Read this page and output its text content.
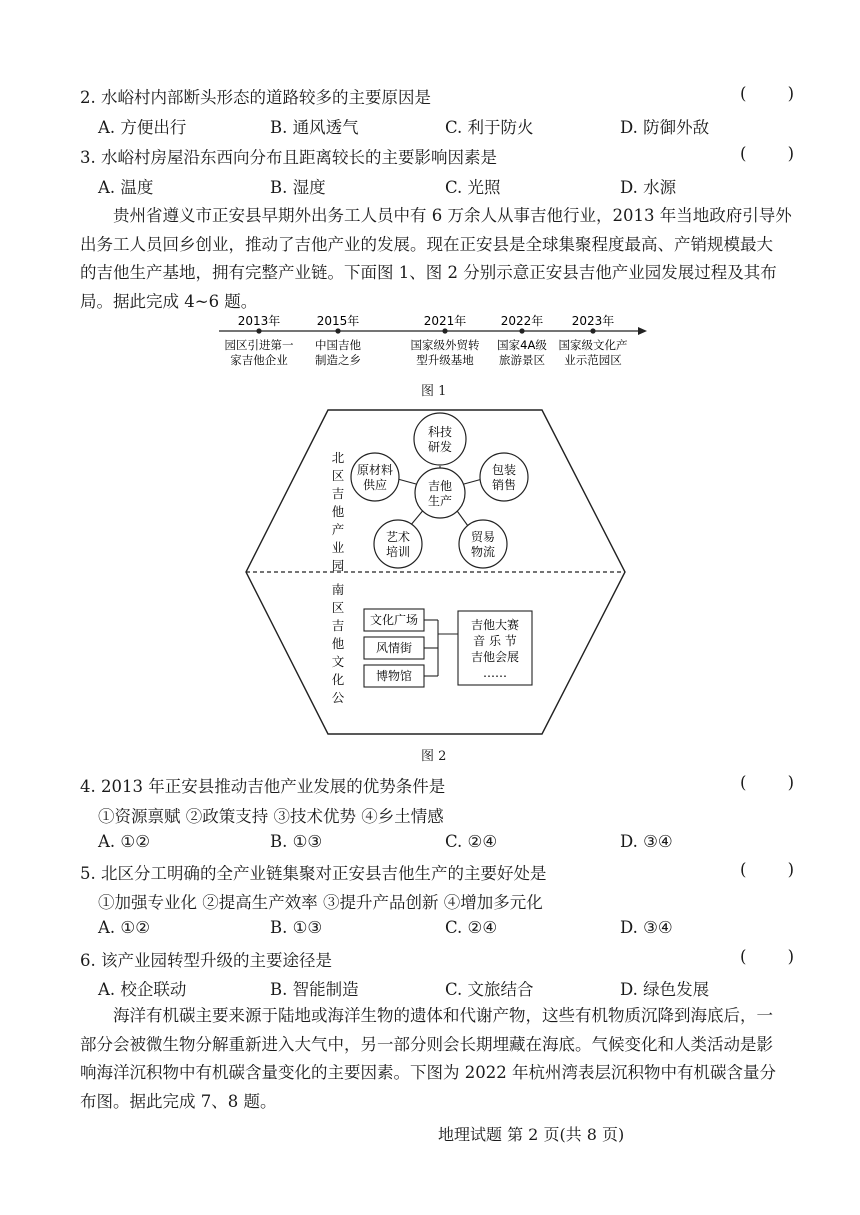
2. 水峪村内部断头形态的道路较多的主要原因是	( )
A. 方便出行	B. 通风透气	C. 利于防火	D. 防御外敌
3. 水峪村房屋沿东西向分布且距离较长的主要影响因素是	( )
A. 温度	B. 湿度	C. 光照	D. 水源
贵州省遵义市正安县早期外出务工人员中有 6 万余人从事吉他行业，2013 年当地政府引导外
出务工人员回乡创业，推动了吉他产业的发展。现在正安县是全球集聚程度最高、产销规模最大
的吉他生产基地，拥有完整产业链。下面图 1、图 2 分别示意正安县吉他产业园发展过程及其布
局。据此完成 4~6 题。
2013年
园区引进第一
家吉他企业
2015年
中国吉他
制造之乡
2021年
国家级外贸转
型升级基地
2022年
国家4A级
旅游景区
2023年
国家级文化产
业示范园区
图 1
北
区
吉
他
产
业
园
吉他
生产
科技
研发
包装
销售
贸易
物流
艺术
培训
原材料
供应
南
区
吉
他
文
化
公
文化广场
风情街
博物馆
吉他大赛
音 乐 节
吉他会展
……
图 2
4. 2013 年正安县推动吉他产业发展的优势条件是	( )
①资源禀赋 ②政策支持 ③技术优势 ④乡土情感
A. ①②	B. ①③	C. ②④	D. ③④
5. 北区分工明确的全产业链集聚对正安县吉他生产的主要好处是	( )
①加强专业化 ②提高生产效率 ③提升产品创新 ④增加多元化
A. ①②	B. ①③	C. ②④	D. ③④
6. 该产业园转型升级的主要途径是	( )
A. 校企联动	B. 智能制造	C. 文旅结合	D. 绿色发展
海洋有机碳主要来源于陆地或海洋生物的遗体和代谢产物，这些有机物质沉降到海底后，一
部分会被微生物分解重新进入大气中，另一部分则会长期埋藏在海底。气候变化和人类活动是影
响海洋沉积物中有机碳含量变化的主要因素。下图为 2022 年杭州湾表层沉积物中有机碳含量分
布图。据此完成 7、8 题。
地理试题 第 2 页(共 8 页)
